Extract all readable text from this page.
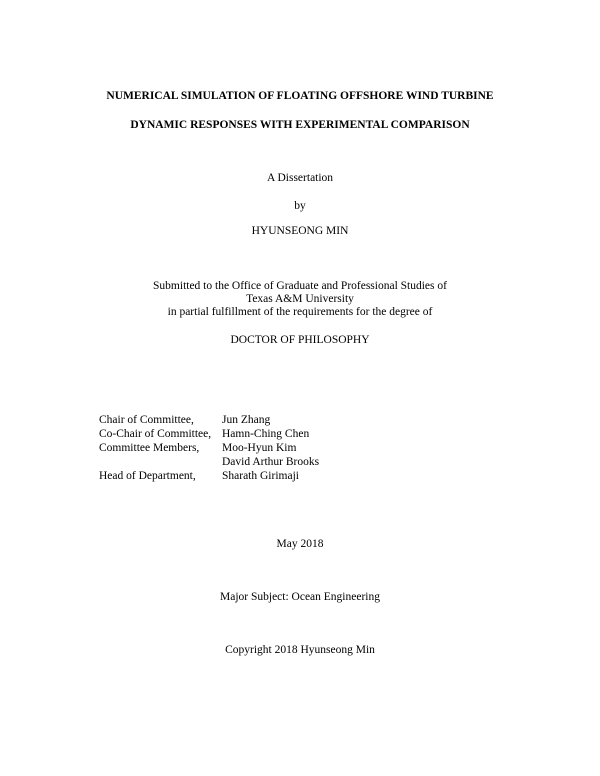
NUMERICAL SIMULATION OF FLOATING OFFSHORE WIND TURBINE
DYNAMIC RESPONSES WITH EXPERIMENTAL COMPARISON
A Dissertation
by
HYUNSEONG MIN
Submitted to the Office of Graduate and Professional Studies of
Texas A&M University
in partial fulfillment of the requirements for the degree of
DOCTOR OF PHILOSOPHY
Chair of Committee,	Jun Zhang
Co-Chair of Committee, Hamn-Ching Chen
Committee Members,	Moo-Hyun Kim
David Arthur Brooks
Head of Department,	Sharath Girimaji
May 2018
Major Subject: Ocean Engineering
Copyright 2018 Hyunseong Min
